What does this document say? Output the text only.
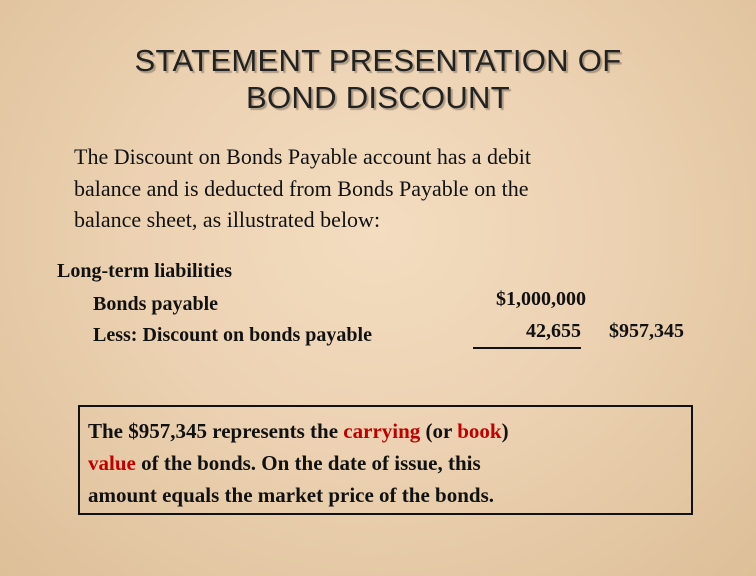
STATEMENT PRESENTATION OF
BOND DISCOUNT
The Discount on Bonds Payable account has a debit
balance and is deducted from Bonds Payable on the
balance sheet, as illustrated below:
Long-term liabilities
Bonds payable	$1,000,000
Less: Discount on bonds payable	42,655 $957,345
The $957,345 represents the carrying (or book)
value of the bonds. On the date of issue, this
amount equals the market price of the bonds.
